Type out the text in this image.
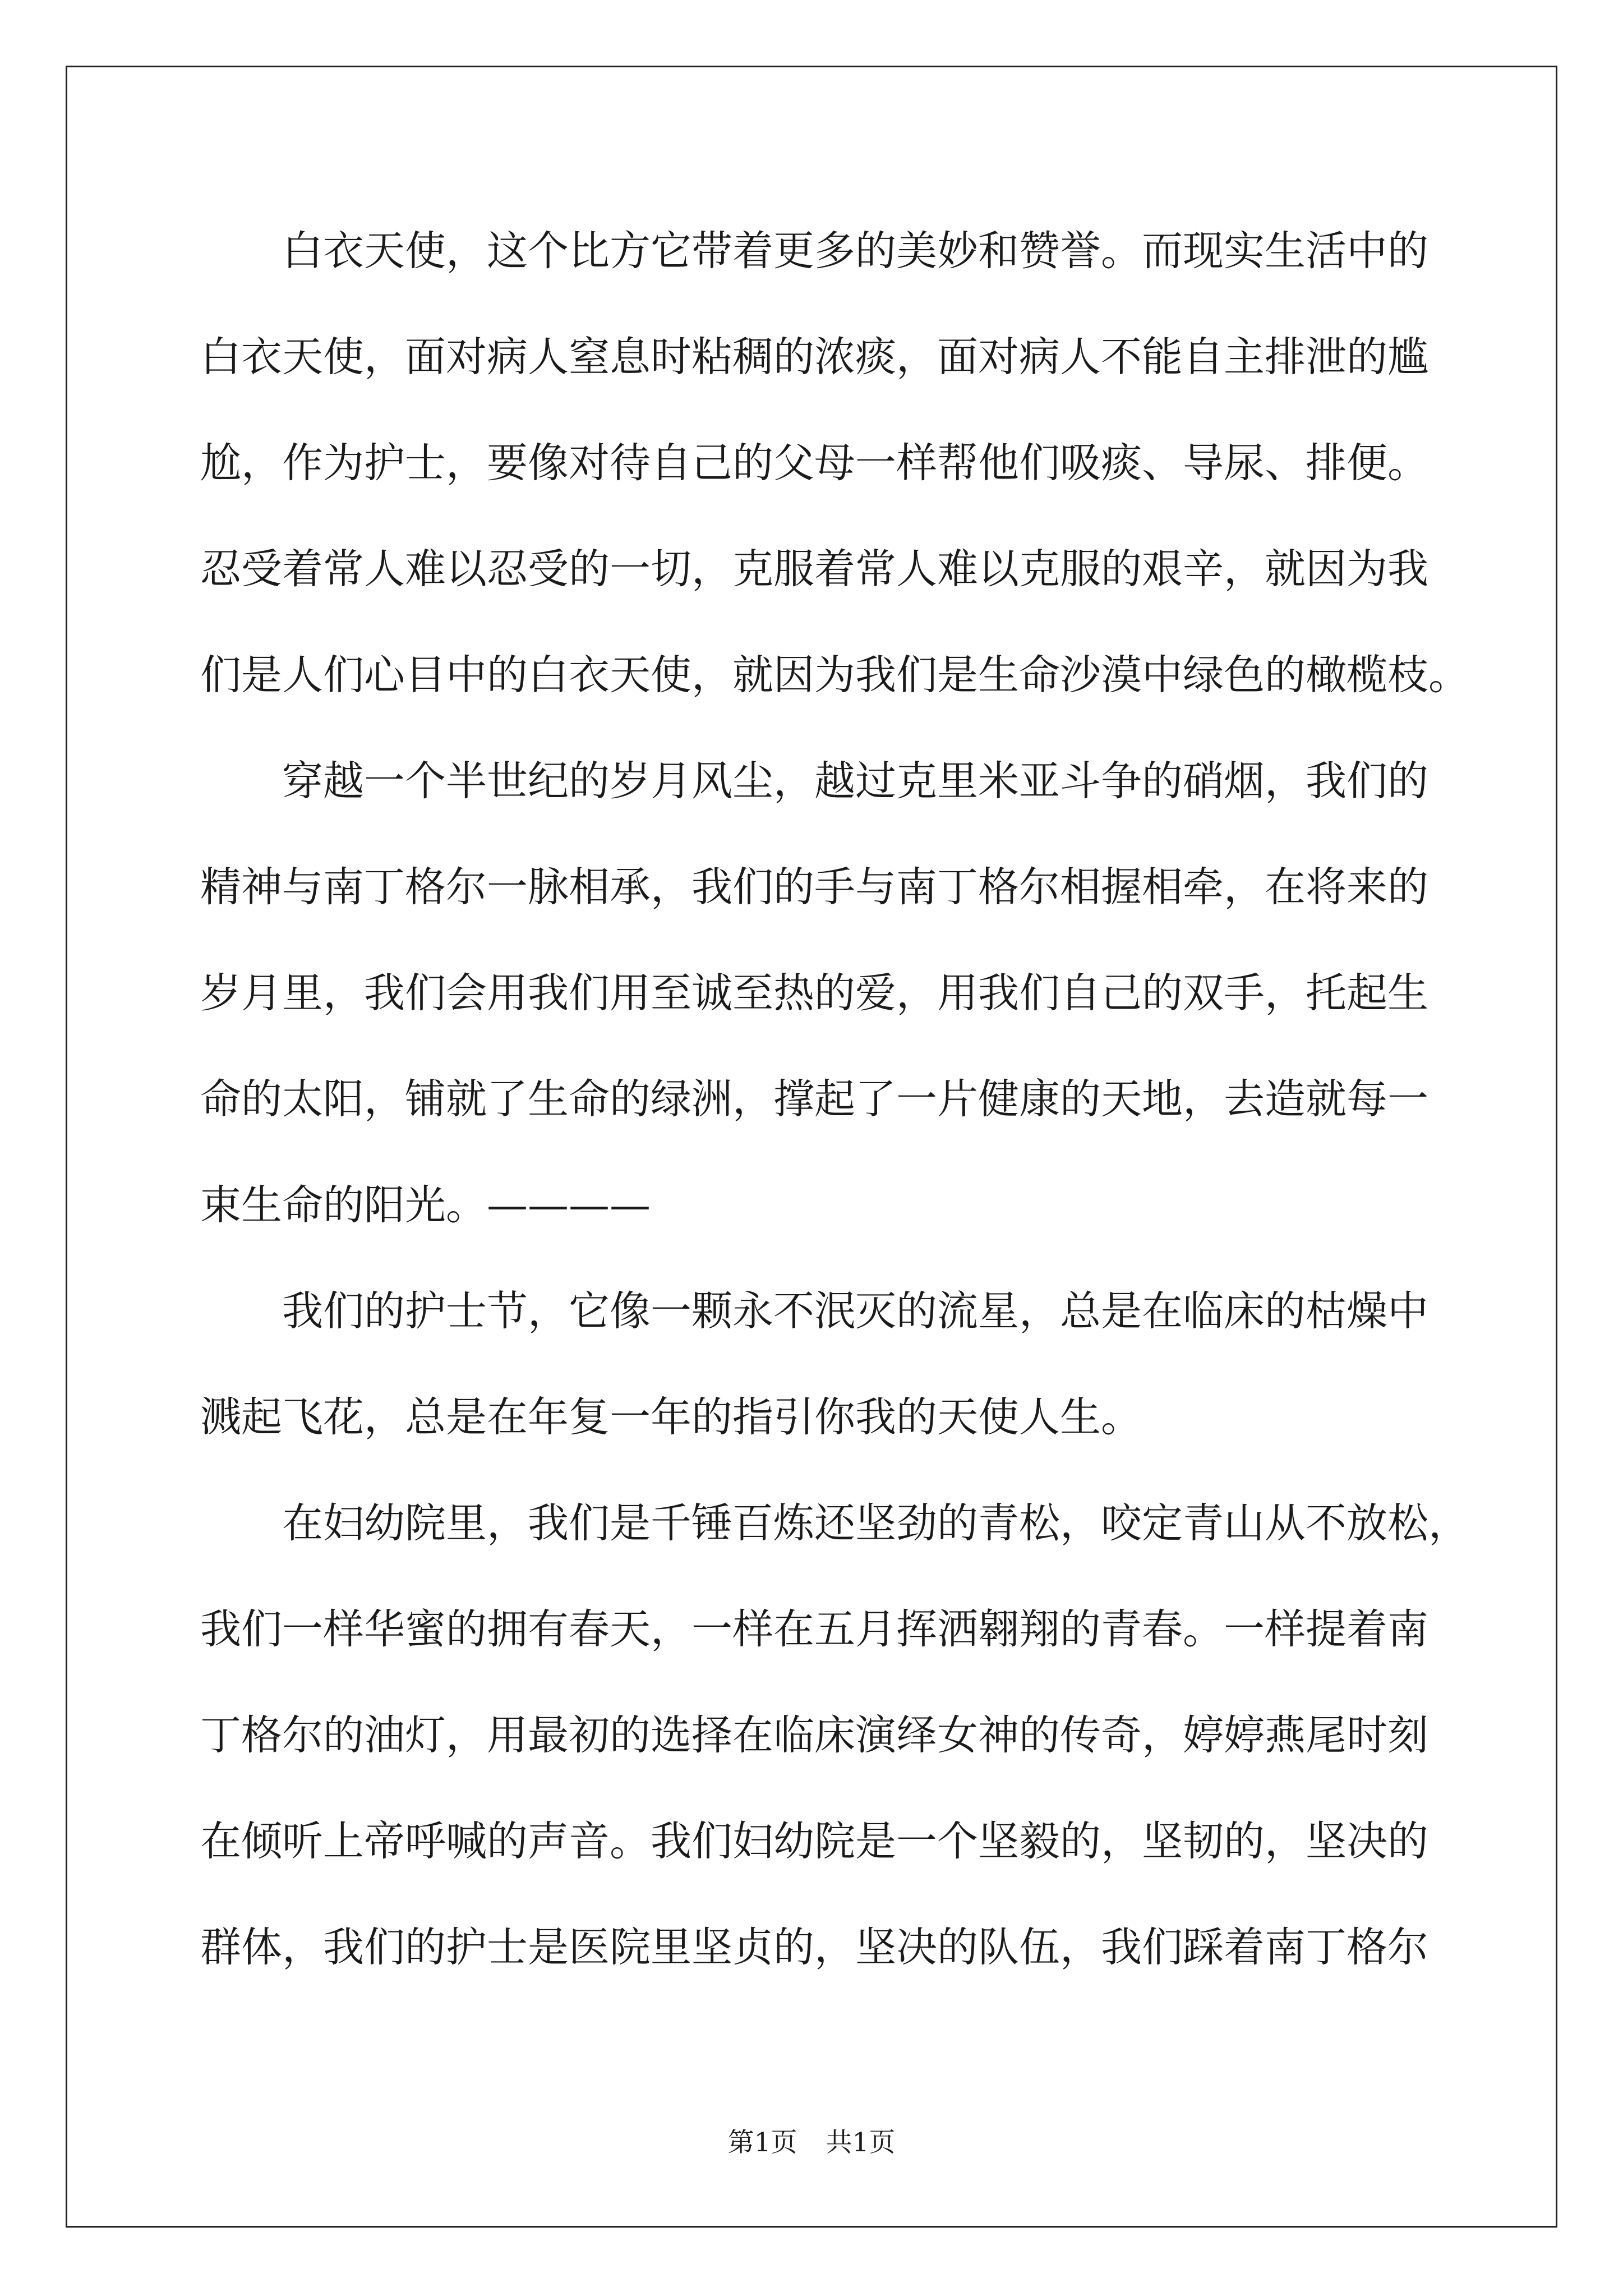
白衣天使，这个比方它带着更多的美妙和赞誉。而现实生活中的
白衣天使，面对病人窒息时粘稠的浓痰，面对病人不能自主排泄的尴
尬，作为护士，要像对待自己的父母一样帮他们吸痰、导尿、排便。
忍受着常人难以忍受的一切，克服着常人难以克服的艰辛，就因为我
们是人们心目中的白衣天使，就因为我们是生命沙漠中绿色的橄榄枝。
穿越一个半世纪的岁月风尘，越过克里米亚斗争的硝烟，我们的
精神与南丁格尔一脉相承，我们的手与南丁格尔相握相牵，在将来的
岁月里，我们会用我们用至诚至热的爱，用我们自己的双手，托起生
命的太阳，铺就了生命的绿洲，撑起了一片健康的天地，去造就每一
束生命的阳光。————
我们的护士节，它像一颗永不泯灭的流星，总是在临床的枯燥中
溅起飞花，总是在年复一年的指引你我的天使人生。
在妇幼院里，我们是千锤百炼还坚劲的青松，咬定青山从不放松，
我们一样华蜜的拥有春天，一样在五月挥洒翱翔的青春。一样提着南
丁格尔的油灯，用最初的选择在临床演绎女神的传奇，婷婷燕尾时刻
在倾听上帝呼喊的声音。我们妇幼院是一个坚毅的，坚韧的，坚决的
群体，我们的护士是医院里坚贞的，坚决的队伍，我们踩着南丁格尔
第1页 共1页
